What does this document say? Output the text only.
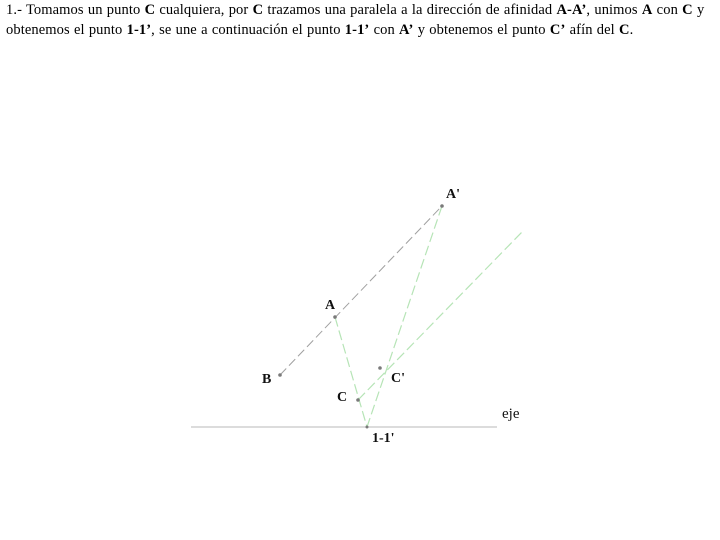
1.- Tomamos un punto C cualquiera, por C trazamos una paralela a la dirección de afinidad A-A’, unimos A con C y obtenemos el punto 1-1’, se une a continuación el punto 1-1’ con A’ y obtenemos el punto C’ afín del C.
A'
A
B
C
C'
1-1'
eje
